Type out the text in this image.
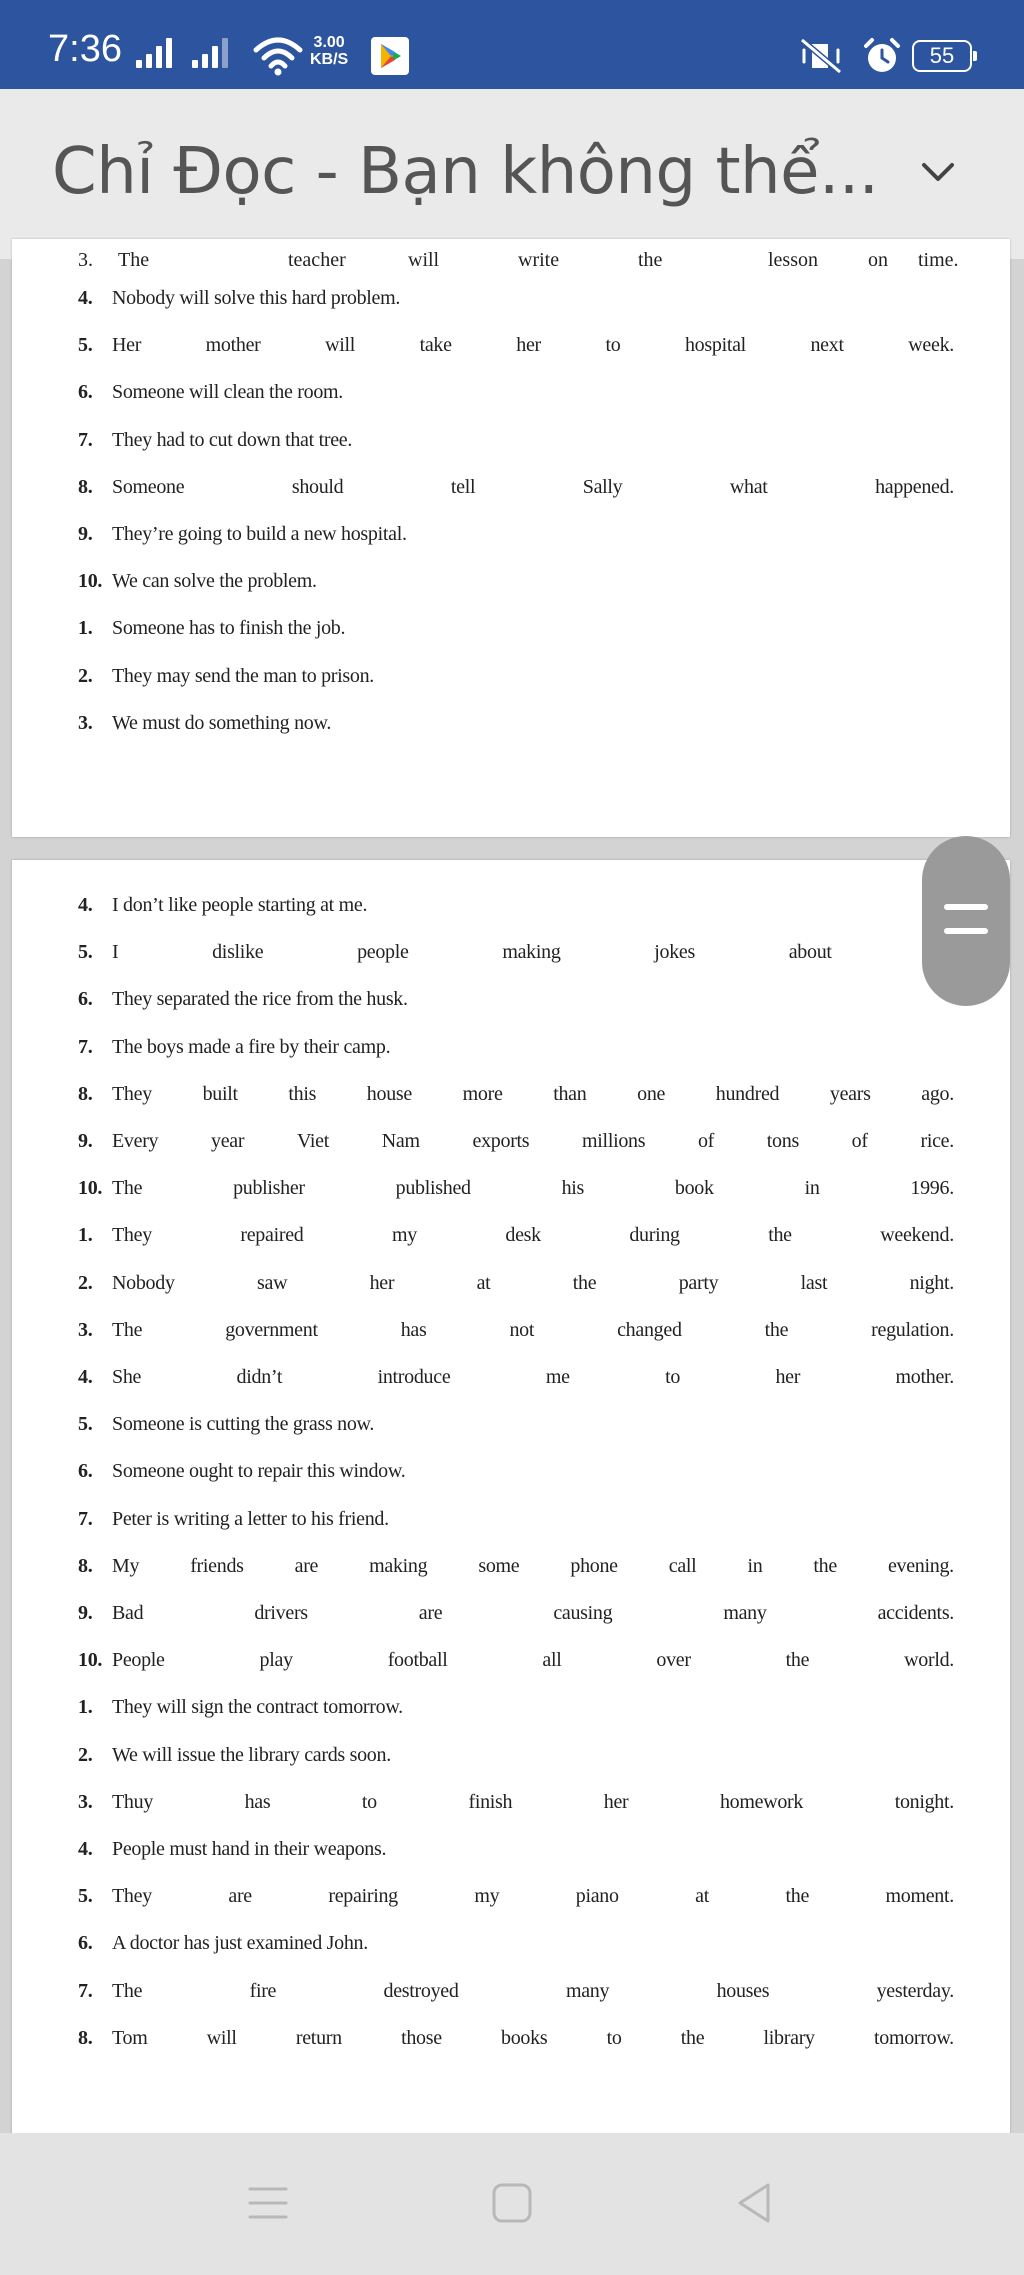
7:36	3.00
KB/S	55
Chỉ Đọc - Bạn không thể...
3. The	teacher	will	write	the	lesson	on time.
4. Nobody will solve this hard problem.
5. Her	mother	will	take	her	to	hospital	next	week.
6. Someone will clean the room.
7. They had to cut down that tree.
8. Someone	should	tell	Sally	what	happened.
9. They’re going to build a new hospital.
10. We can solve the problem.
1. Someone has to finish the job.
2. They may send the man to prison.
3. We must do something now.
4. I don’t like people starting at me.
5. I	dislike	people	making	jokes	about
6. They separated the rice from the husk.
7. The boys made a fire by their camp.
8. They	built	this	house	more	than	one	hundred	years	ago.
9. Every	year	Viet	Nam	exports	millions	of	tons	of	rice.
10. The	publisher	published	his	book	in	1996.
1. They	repaired	my	desk	during	the	weekend.
2. Nobody	saw	her	at	the	party	last	night.
3. The	government	has	not	changed	the	regulation.
4. She	didn’t	introduce	me	to	her	mother.
5. Someone is cutting the grass now.
6. Someone ought to repair this window.
7. Peter is writing a letter to his friend.
8. My	friends	are	making	some	phone	call	in	the	evening.
9. Bad	drivers	are	causing	many	accidents.
10. People	play	football	all	over	the	world.
1. They will sign the contract tomorrow.
2. We will issue the library cards soon.
3. Thuy	has	to	finish	her	homework	tonight.
4. People must hand in their weapons.
5. They	are	repairing	my	piano	at	the	moment.
6. A doctor has just examined John.
7. The	fire	destroyed	many	houses	yesterday.
8. Tom	will	return	those	books	to	the	library	tomorrow.
